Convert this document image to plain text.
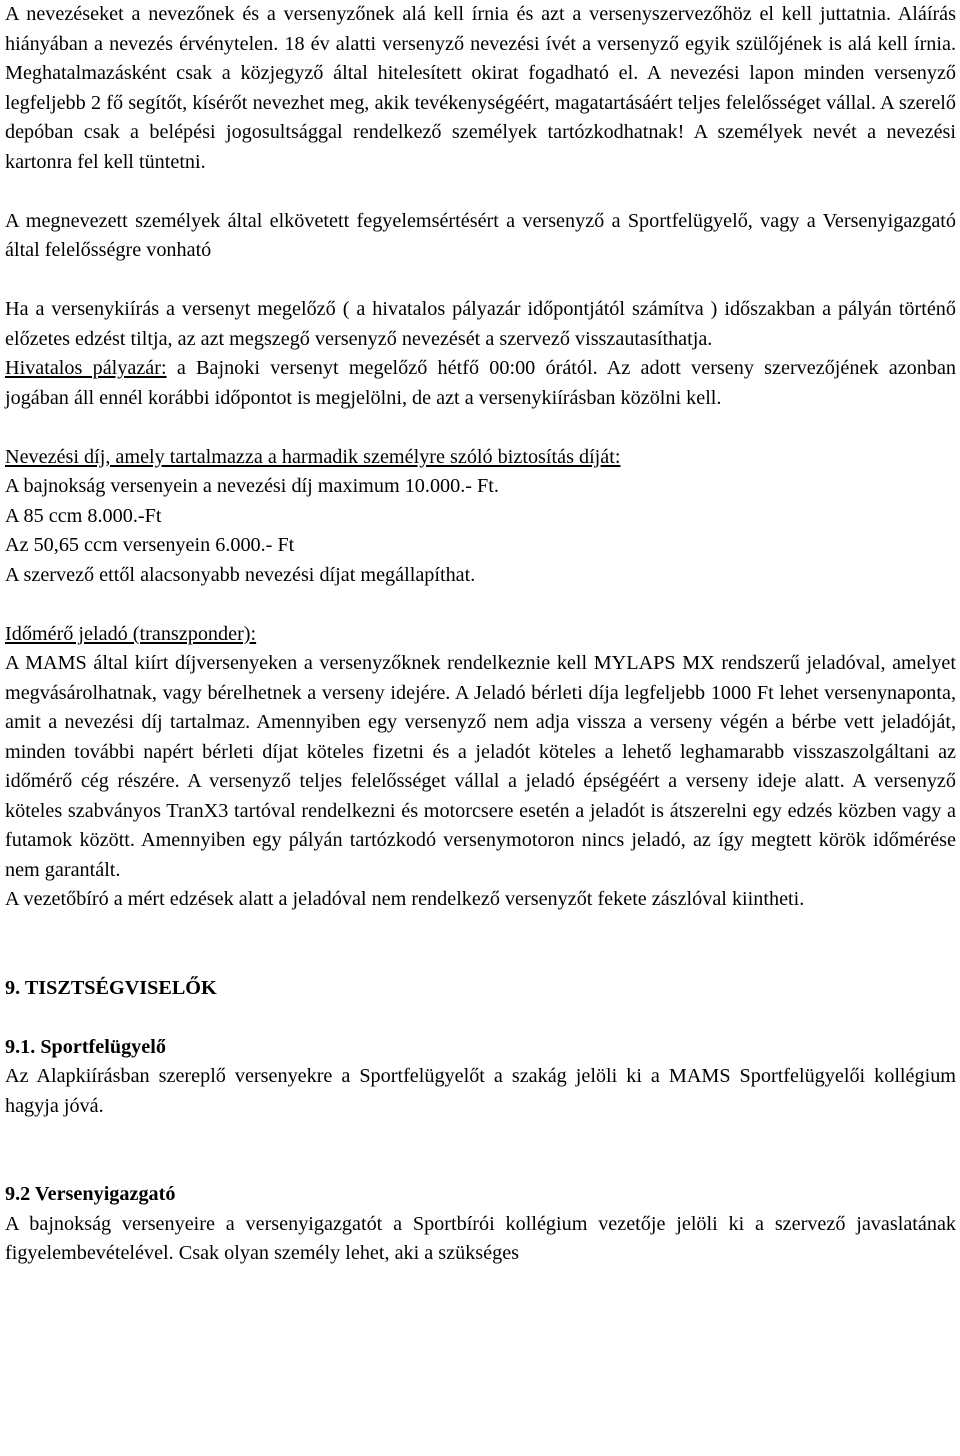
A nevezéseket a nevezőnek és a versenyzőnek alá kell írnia és azt a versenyszervezőhöz el kell juttatnia. Aláírás hiányában a nevezés érvénytelen. 18 év alatti versenyző nevezési ívét a versenyző egyik szülőjének is alá kell írnia. Meghatalmazásként csak a közjegyző által hitelesített okirat fogadható el. A nevezési lapon minden versenyző legfeljebb 2 fő segítőt, kísérőt nevezhet meg, akik tevékenységéért, magatartásáért teljes felelősséget vállal. A szerelő depóban csak a belépési jogosultsággal rendelkező személyek tartózkodhatnak! A személyek nevét a nevezési kartonra fel kell tüntetni.

A megnevezett személyek által elkövetett fegyelemsértésért a versenyző a Sportfelügyelő, vagy a Versenyigazgató által felelősségre vonható

Ha a versenykiírás a versenyt megelőző ( a hivatalos pályazár időpontjától számítva ) időszakban a pályán történő előzetes edzést tiltja, az azt megszegő versenyző nevezését a szervező visszautasíthatja.

Hivatalos pályazár: a Bajnoki versenyt megelőző hétfő 00:00 órától. Az adott verseny szervezőjének azonban jogában áll ennél korábbi időpontot is megjelölni, de azt a versenykiírásban közölni kell.

Nevezési díj, amely tartalmazza a harmadik személyre szóló biztosítás díját:

A bajnokság versenyein a nevezési díj maximum 10.000.- Ft.

A 85 ccm 8.000.-Ft

Az 50,65 ccm versenyein 6.000.- Ft

A szervező ettől alacsonyabb nevezési díjat megállapíthat.

Időmérő jeladó (transzponder):

A MAMS által kiírt díjversenyeken a versenyzőknek rendelkeznie kell MYLAPS MX rendszerű jeladóval, amelyet megvásárolhatnak, vagy bérelhetnek a verseny idejére. A Jeladó bérleti díja legfeljebb 1000 Ft lehet versenynaponta, amit a nevezési díj tartalmaz. Amennyiben egy versenyző nem adja vissza a verseny végén a bérbe vett jeladóját, minden további napért bérleti díjat köteles fizetni és a jeladót köteles a lehető leghamarabb visszaszolgáltani az időmérő cég részére. A versenyző teljes felelősséget vállal a jeladó épségéért a verseny ideje alatt. A versenyző köteles szabványos TranX3 tartóval rendelkezni és motorcsere esetén a jeladót is átszerelni egy edzés közben vagy a futamok között. Amennyiben egy pályán tartózkodó versenymotoron nincs jeladó, az így megtett körök időmérése nem garantált.

A vezetőbíró a mért edzések alatt a jeladóval nem rendelkező versenyzőt fekete zászlóval kiintheti.

9. TISZTSÉGVISELŐK

9.1. Sportfelügyelő

Az Alapkiírásban szereplő versenyekre a Sportfelügyelőt a szakág jelöli ki a MAMS Sportfelügyelői kollégium hagyja jóvá.

9.2 Versenyigazgató

A bajnokság versenyeire a versenyigazgatót a Sportbírói kollégium vezetője jelöli ki a szervező javaslatának figyelembevételével. Csak olyan személy lehet, aki a szükséges
